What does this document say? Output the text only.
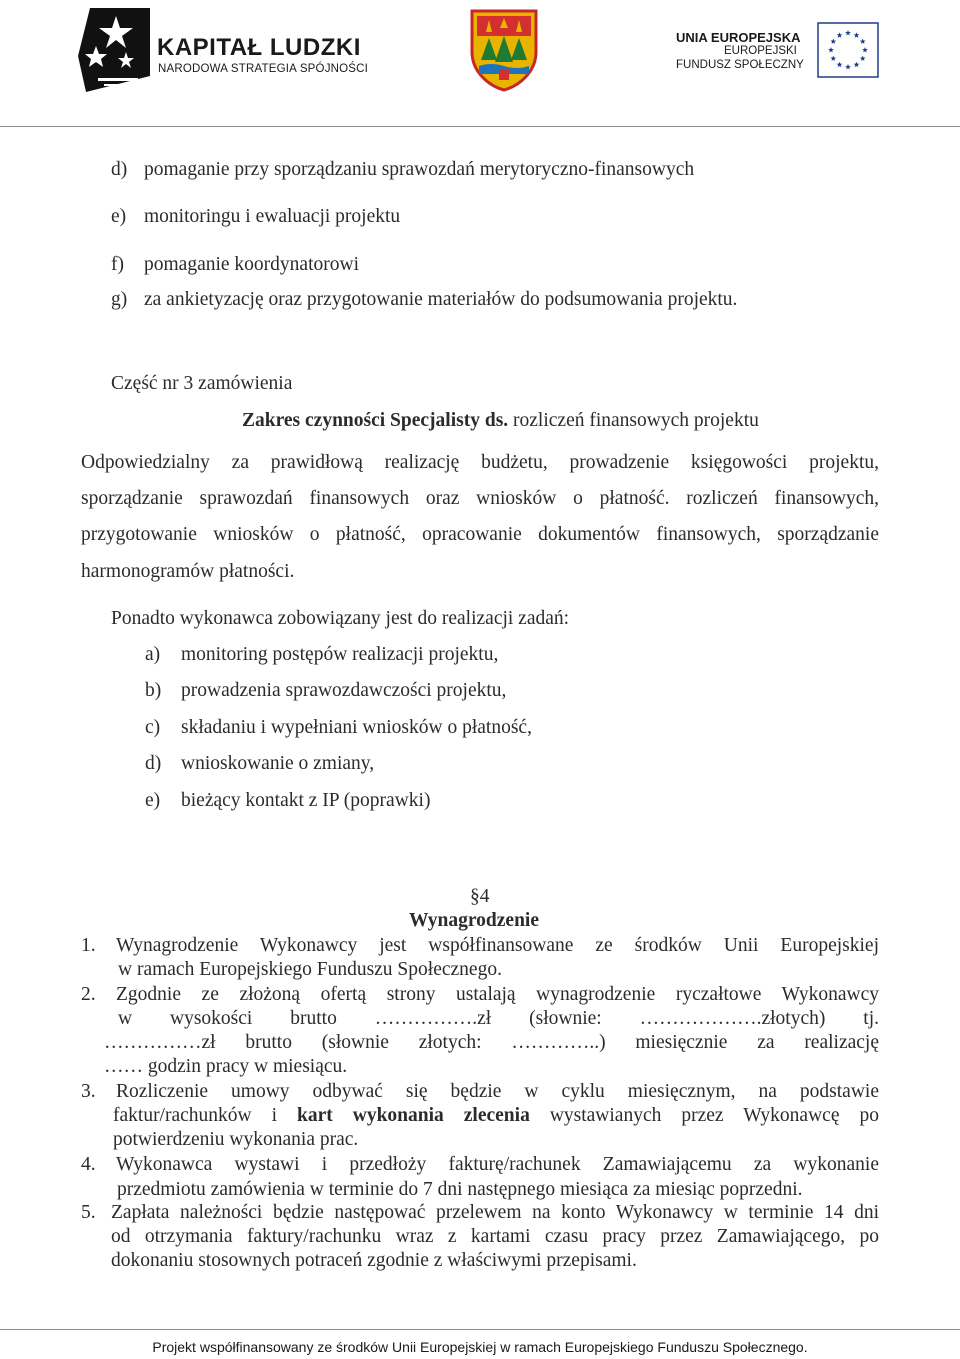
KAPITAŁ LUDZKI
NARODOWA STRATEGIA SPÓJNOŚCI
UNIA EUROPEJSKA
EUROPEJSKI
FUNDUSZ SPOŁECZNY
d) pomaganie przy sporządzaniu sprawozdań merytoryczno-finansowych
e) monitoringu i ewaluacji projektu
f) pomaganie koordynatorowi
g) za ankietyzację oraz przygotowanie materiałów do podsumowania projektu.
Część nr 3 zamówienia
Zakres czynności Specjalisty ds. rozliczeń finansowych projektu
Odpowiedzialny za prawidłową realizację budżetu, prowadzenie księgowości projektu,
sporządzanie sprawozdań finansowych oraz wniosków o płatność. rozliczeń finansowych,
przygotowanie wniosków o płatność, opracowanie dokumentów finansowych, sporządzanie
harmonogramów płatności.
Ponadto wykonawca zobowiązany jest do realizacji zadań:
a) monitoring postępów realizacji projektu,
b) prowadzenia sprawozdawczości projektu,
c) składaniu i wypełniani wniosków o płatność,
d) wnioskowanie o zmiany,
e) bieżący kontakt z IP (poprawki)
§4
Wynagrodzenie
1. Wynagrodzenie Wykonawcy jest współfinansowane ze środków Unii Europejskiej
w ramach Europejskiego Funduszu Społecznego.
2. Zgodnie ze złożoną ofertą strony ustalają wynagrodzenie ryczałtowe Wykonawcy
w wysokości brutto …………….zł (słownie: ……………….złotych) tj.
……………zł brutto (słownie złotych: …………..) miesięcznie za realizację
…… godzin pracy w miesiącu.
3. Rozliczenie umowy odbywać się będzie w cyklu miesięcznym, na podstawie
faktur/rachunków i kart wykonania zlecenia wystawianych przez Wykonawcę po
potwierdzeniu wykonania prac.
4. Wykonawca wystawi i przedłoży fakturę/rachunek Zamawiającemu za wykonanie
przedmiotu zamówienia w terminie do 7 dni następnego miesiąca za miesiąc poprzedni.
5. Zapłata należności będzie następować przelewem na konto Wykonawcy w terminie 14 dni
od otrzymania faktury/rachunku wraz z kartami czasu pracy przez Zamawiającego, po
dokonaniu stosownych potraceń zgodnie z właściwymi przepisami.
Projekt współfinansowany ze środków Unii Europejskiej w ramach Europejskiego Funduszu Społecznego.
